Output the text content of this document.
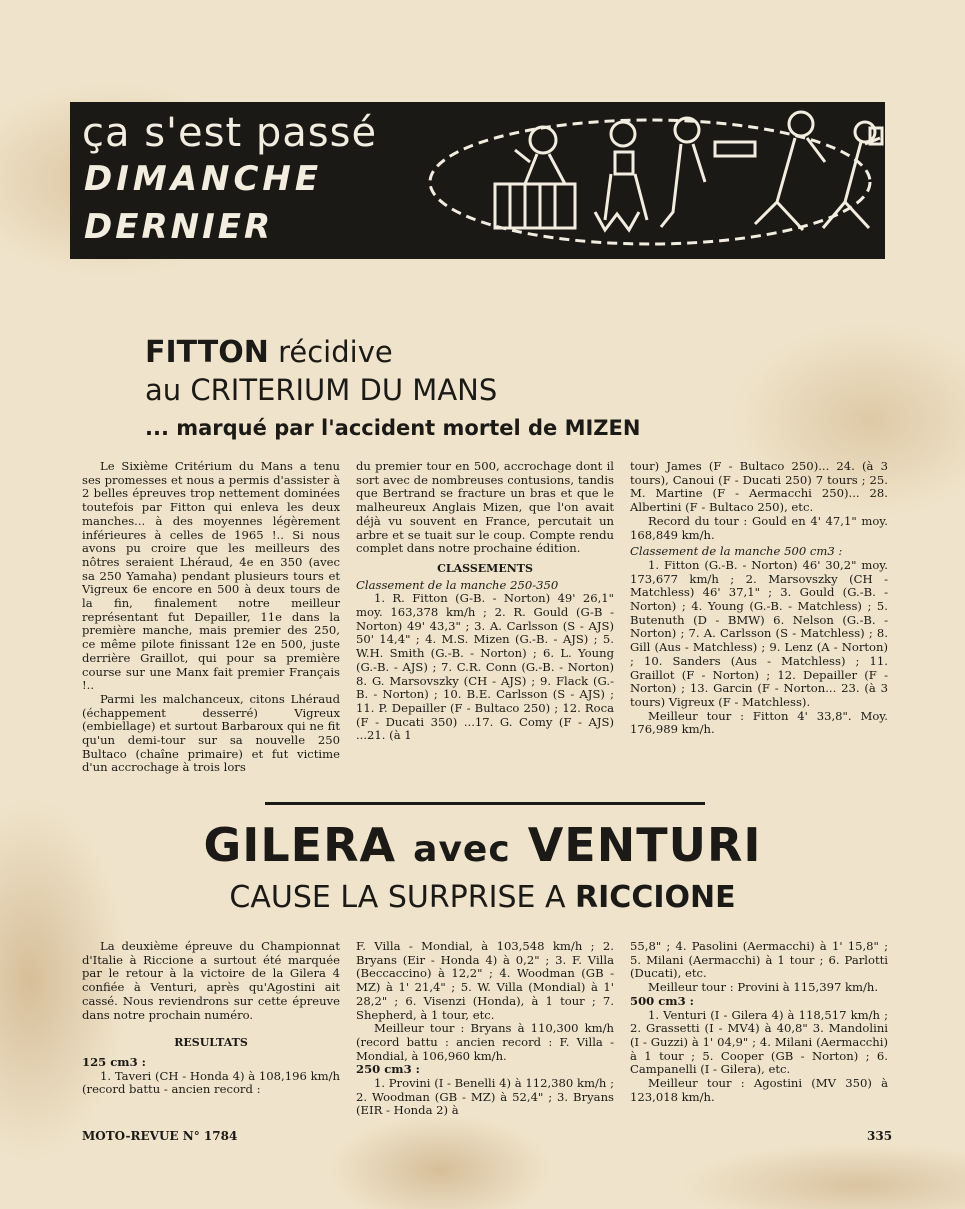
ça s'est passé
DIMANCHE
DERNIER
FITTON récidive
au CRITERIUM DU MANS
... marqué par l'accident mortel de MIZEN

Le Sixième Critérium du Mans a tenu ses promesses et nous a permis d'assister à 2 belles épreuves trop nettement dominées toutefois par Fitton qui enleva les deux manches... à des moyennes légèrement inférieures à celles de 1965 !.. Si nous avons pu croire que les meilleurs des nôtres seraient Lhéraud, 4e en 350 (avec sa 250 Yamaha) pendant plusieurs tours et Vigreux 6e encore en 500 à deux tours de la fin, finalement notre meilleur représentant fut Depailler, 11e dans la première manche, mais premier des 250, ce même pilote finissant 12e en 500, juste derrière Graillot, qui pour sa première course sur une Manx fait premier Français !..

Parmi les malchanceux, citons Lhéraud (échappement desserré) Vigreux (embiellage) et surtout Barbaroux qui ne fit qu'un demi-tour sur sa nouvelle 250 Bultaco (chaîne primaire) et fut victime d'un accrochage à trois lors

du premier tour en 500, accrochage dont il sort avec de nombreuses contusions, tandis que Bertrand se fracture un bras et que le malheureux Anglais Mizen, que l'on avait déjà vu souvent en France, percutait un arbre et se tuait sur le coup. Compte rendu complet dans notre prochaine édition.

CLASSEMENTS

Classement de la manche 250-350

1. R. Fitton (G-B. - Norton) 49' 26,1" moy. 163,378 km/h ; 2. R. Gould (G-B - Norton) 49' 43,3" ; 3. A. Carlsson (S - AJS) 50' 14,4" ; 4. M.S. Mizen (G.-B. - AJS) ; 5. W.H. Smith (G.-B. - Norton) ; 6. L. Young (G.-B. - AJS) ; 7. C.R. Conn (G.-B. - Norton) 8. G. Marsovszky (CH - AJS) ; 9. Flack (G.-B. - Norton) ; 10. B.E. Carlsson (S - AJS) ; 11. P. Depailler (F - Bultaco 250) ; 12. Roca (F - Ducati 350) ...17. G. Comy (F - AJS) ...21. (à 1

tour) James (F - Bultaco 250)... 24. (à 3 tours), Canoui (F - Ducati 250) 7 tours ; 25. M. Martine (F - Aermacchi 250)... 28. Albertini (F - Bultaco 250), etc.

Record du tour : Gould en 4' 47,1" moy. 168,849 km/h.

Classement de la manche 500 cm3 :

1. Fitton (G.-B. - Norton) 46' 30,2" moy. 173,677 km/h ; 2. Marsovszky (CH - Matchless) 46' 37,1" ; 3. Gould (G.-B. - Norton) ; 4. Young (G.-B. - Matchless) ; 5. Butenuth (D - BMW) 6. Nelson (G.-B. - Norton) ; 7. A. Carlsson (S - Matchless) ; 8. Gill (Aus - Matchless) ; 9. Lenz (A - Norton) ; 10. Sanders (Aus - Matchless) ; 11. Graillot (F - Norton) ; 12. Depailler (F - Norton) ; 13. Garcin (F - Norton... 23. (à 3 tours) Vigreux (F - Matchless).

Meilleur tour : Fitton 4' 33,8". Moy. 176,989 km/h.

GILERA avec VENTURI
CAUSE LA SURPRISE A RICCIONE

La deuxième épreuve du Championnat d'Italie à Riccione a surtout été marquée par le retour à la victoire de la Gilera 4 confiée à Venturi, après qu'Agostini ait cassé. Nous reviendrons sur cette épreuve dans notre prochain numéro.

RESULTATS

125 cm3 :

1. Taveri (CH - Honda 4) à 108,196 km/h (record battu - ancien record :

F. Villa - Mondial, à 103,548 km/h ; 2. Bryans (Eir - Honda 4) à 0,2" ; 3. F. Villa (Beccaccino) à 12,2" ; 4. Woodman (GB - MZ) à 1' 21,4" ; 5. W. Villa (Mondial) à 1' 28,2" ; 6. Visenzi (Honda), à 1 tour ; 7. Shepherd, à 1 tour, etc.

Meilleur tour : Bryans à 110,300 km/h (record battu : ancien record : F. Villa - Mondial, à 106,960 km/h.

250 cm3 :

1. Provini (I - Benelli 4) à 112,380 km/h ; 2. Woodman (GB - MZ) à 52,4" ; 3. Bryans (EIR - Honda 2) à

55,8" ; 4. Pasolini (Aermacchi) à 1' 15,8" ; 5. Milani (Aermacchi) à 1 tour ; 6. Parlotti (Ducati), etc.

Meilleur tour : Provini à 115,397 km/h.

500 cm3 :

1. Venturi (I - Gilera 4) à 118,517 km/h ; 2. Grassetti (I - MV4) à 40,8" 3. Mandolini (I - Guzzi) à 1' 04,9" ; 4. Milani (Aermacchi) à 1 tour ; 5. Cooper (GB - Norton) ; 6. Campanelli (I - Gilera), etc.

Meilleur tour : Agostini (MV 350) à 123,018 km/h.

MOTO-REVUE N° 1784	335
